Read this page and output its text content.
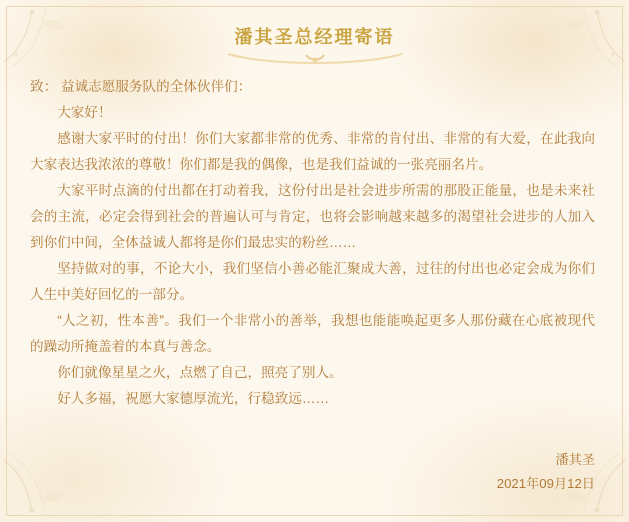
潘其圣总经理寄语

致： 益诚志愿服务队的全体伙伴们：

大家好！

感谢大家平时的付出！你们大家都非常的优秀、非常的肯付出、非常的有大爱，在此我向大家表达我浓浓的尊敬！你们都是我的偶像，也是我们益诚的一张亮丽名片。

大家平时点滴的付出都在打动着我，这份付出是社会进步所需的那股正能量，也是未来社会的主流，必定会得到社会的普遍认可与肯定，也将会影响越来越多的渴望社会进步的人加入到你们中间，全体益诚人都将是你们最忠实的粉丝……

坚持做对的事，不论大小，我们坚信小善必能汇聚成大善，过往的付出也必定会成为你们人生中美好回忆的一部分。

“人之初，性本善”。我们一个非常小的善举，我想也能能唤起更多人那份藏在心底被现代的躁动所掩盖着的本真与善念。

你们就像星星之火，点燃了自己，照亮了别人。

好人多福，祝愿大家德厚流光，行稳致远……

潘其圣
2021年09月12日
